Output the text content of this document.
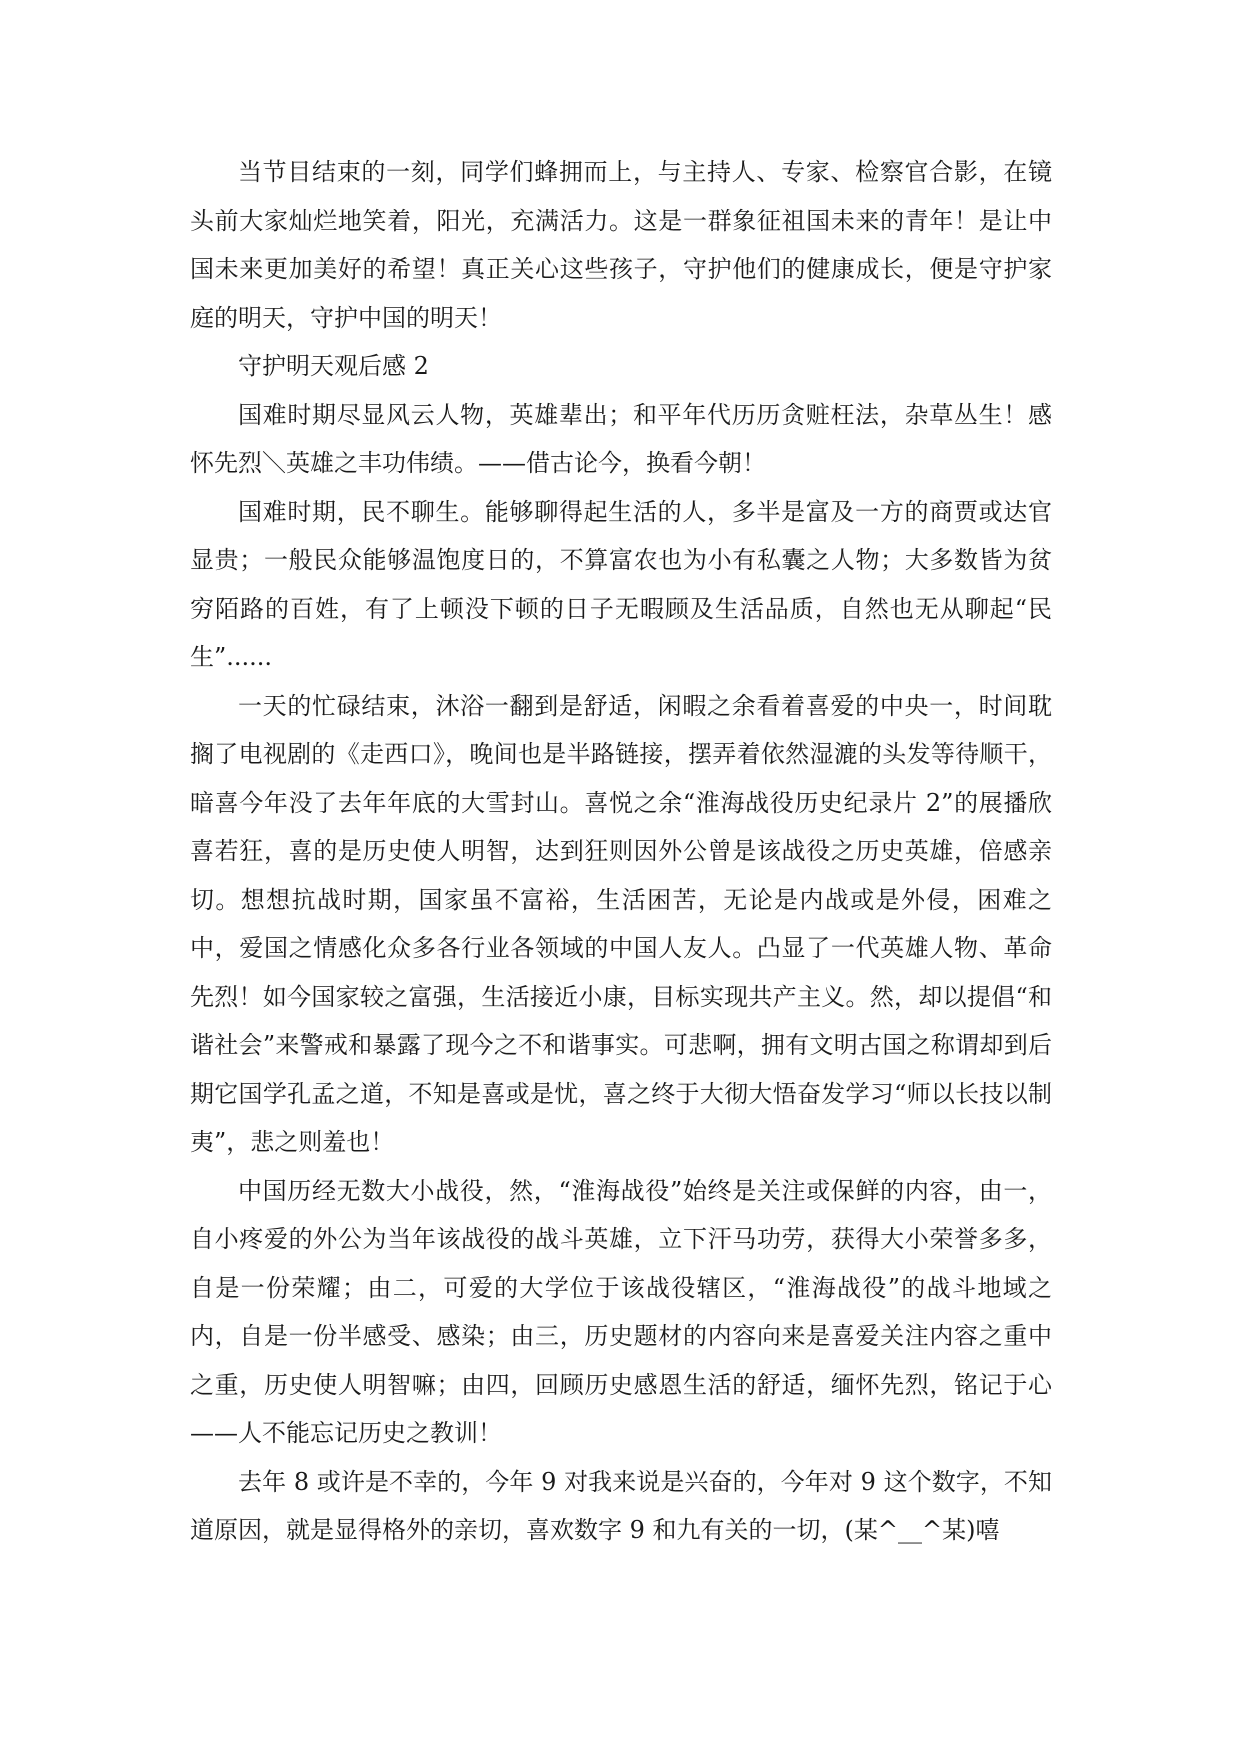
当节目结束的一刻，同学们蜂拥而上，与主持人、专家、检察官合影，在镜头前大家灿烂地笑着，阳光，充满活力。这是一群象征祖国未来的青年！是让中国未来更加美好的希望！真正关心这些孩子，守护他们的健康成长，便是守护家庭的明天，守护中国的明天！

守护明天观后感 2

国难时期尽显风云人物，英雄辈出；和平年代历历贪赃枉法，杂草丛生！感怀先烈＼英雄之丰功伟绩。——借古论今，换看今朝！

国难时期，民不聊生。能够聊得起生活的人，多半是富及一方的商贾或达官显贵；一般民众能够温饱度日的，不算富农也为小有私囊之人物；大多数皆为贫穷陌路的百姓，有了上顿没下顿的日子无暇顾及生活品质，自然也无从聊起“民生”......

一天的忙碌结束，沐浴一翻到是舒适，闲暇之余看着喜爱的中央一，时间耽搁了电视剧的《走西口》，晚间也是半路链接，摆弄着依然湿漉的头发等待顺干，暗喜今年没了去年年底的大雪封山。喜悦之余“淮海战役历史纪录片 2”的展播欣喜若狂，喜的是历史使人明智，达到狂则因外公曾是该战役之历史英雄，倍感亲切。想想抗战时期，国家虽不富裕，生活困苦，无论是内战或是外侵，困难之中，爱国之情感化众多各行业各领域的中国人友人。凸显了一代英雄人物、革命先烈！如今国家较之富强，生活接近小康，目标实现共产主义。然，却以提倡“和谐社会”来警戒和暴露了现今之不和谐事实。可悲啊，拥有文明古国之称谓却到后期它国学孔孟之道，不知是喜或是忧，喜之终于大彻大悟奋发学习“师以长技以制夷”，悲之则羞也！

中国历经无数大小战役，然，“淮海战役”始终是关注或保鲜的内容，由一，自小疼爱的外公为当年该战役的战斗英雄，立下汗马功劳，获得大小荣誉多多，自是一份荣耀；由二，可爱的大学位于该战役辖区，“淮海战役”的战斗地域之内，自是一份半感受、感染；由三，历史题材的内容向来是喜爱关注内容之重中之重，历史使人明智嘛；由四，回顾历史感恩生活的舒适，缅怀先烈，铭记于心——人不能忘记历史之教训！

去年 8 或许是不幸的，今年 9 对我来说是兴奋的，今年对 9 这个数字，不知道原因，就是显得格外的亲切，喜欢数字 9 和九有关的一切，(某^__^某)嘻
